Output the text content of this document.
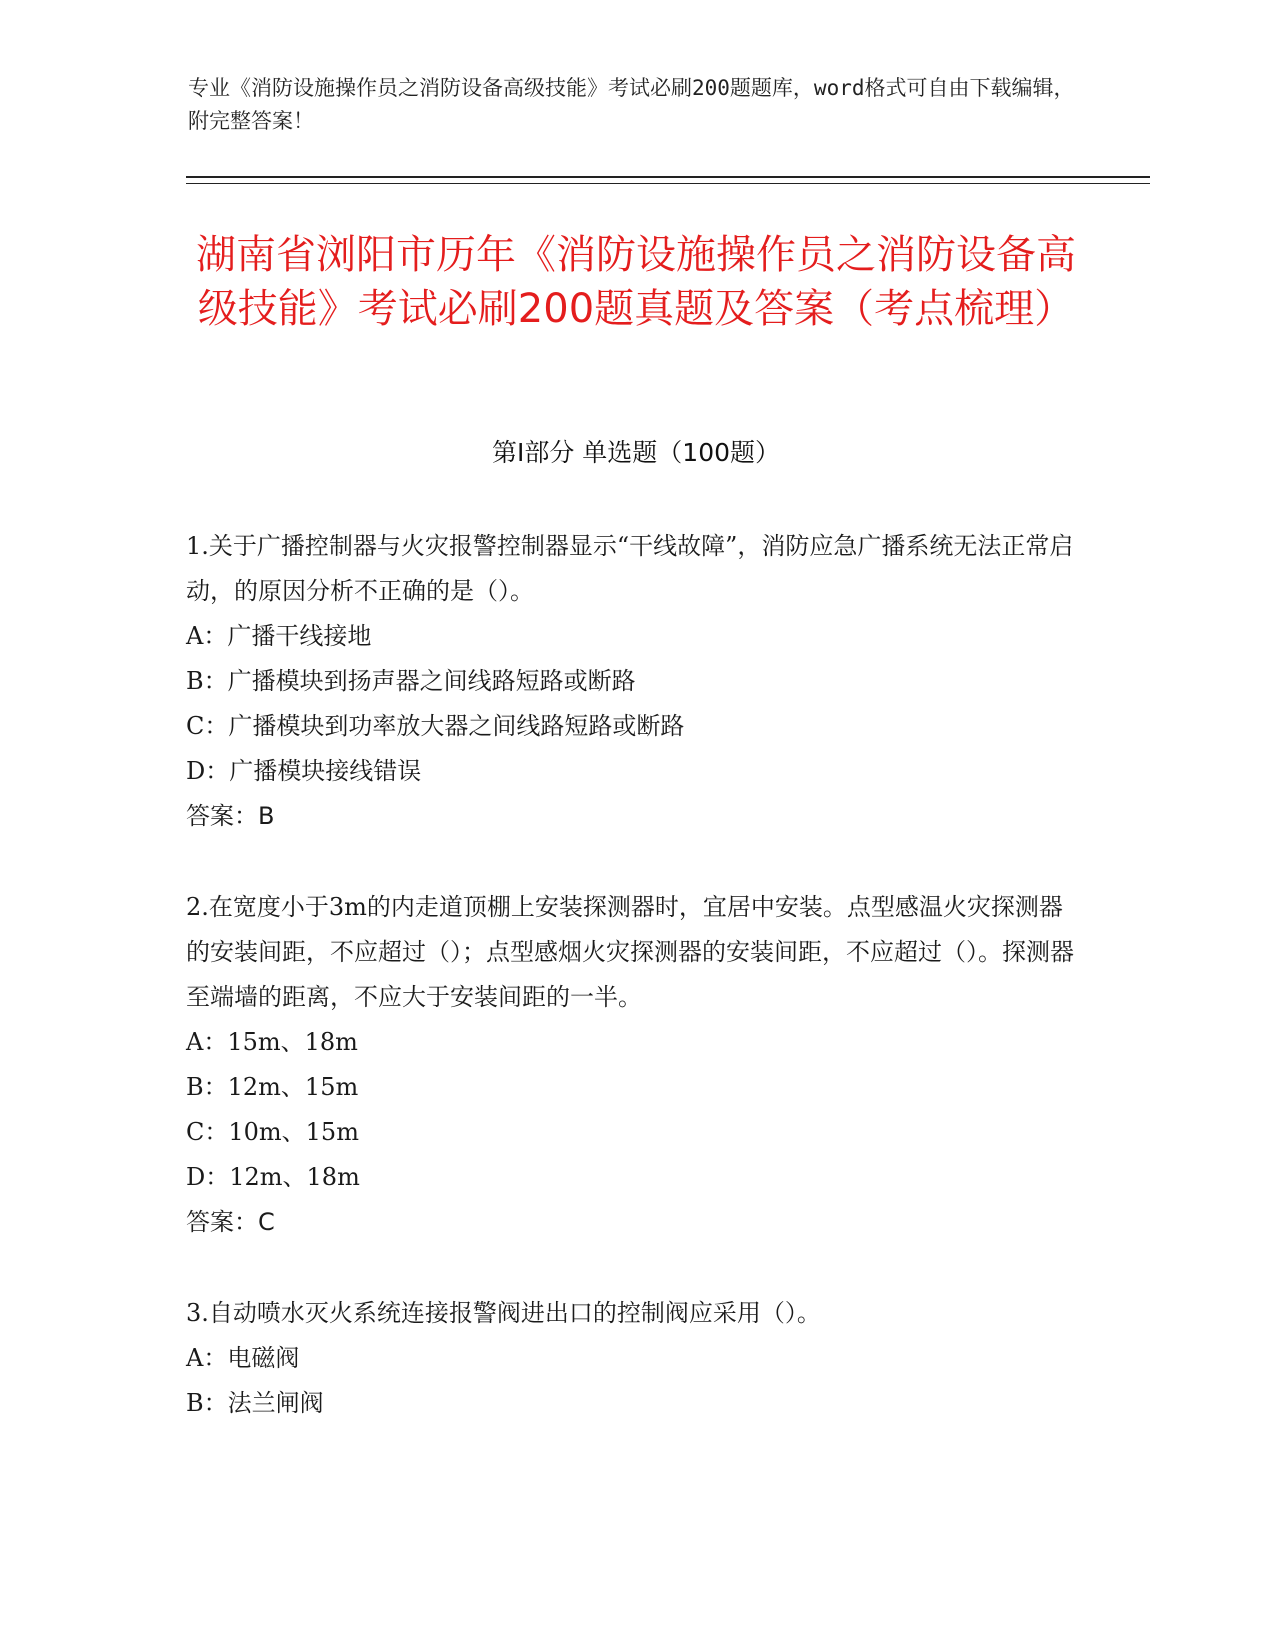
专业《消防设施操作员之消防设备高级技能》考试必刷200题题库，word格式可自由下载编辑，附完整答案！
湖南省浏阳市历年《消防设施操作员之消防设备高级技能》考试必刷200题真题及答案（考点梳理）
第Ⅰ部分 单选题（100题）

1.关于广播控制器与火灾报警控制器显示“干线故障”，消防应急广播系统无法正常启动，的原因分析不正确的是（）。

A：广播干线接地

B：广播模块到扬声器之间线路短路或断路

C：广播模块到功率放大器之间线路短路或断路

D：广播模块接线错误

答案：B

2.在宽度小于3m的内走道顶棚上安装探测器时，宜居中安装。点型感温火灾探测器的安装间距，不应超过（）；点型感烟火灾探测器的安装间距，不应超过（）。探测器至端墙的距离，不应大于安装间距的一半。

A：15m、18m

B：12m、15m

C：10m、15m

D：12m、18m

答案：C

3.自动喷水灭火系统连接报警阀进出口的控制阀应采用（）。

A：电磁阀

B：法兰闸阀
